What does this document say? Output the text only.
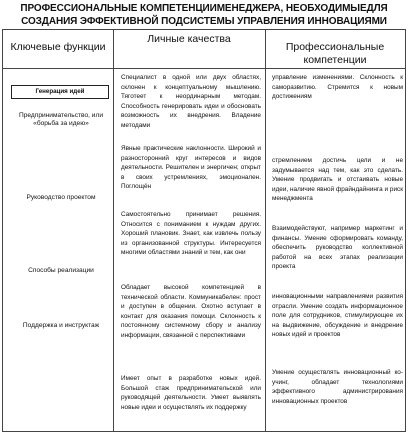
ПРОФЕССИОНАЛЬНЫЕ КОМПЕТЕНЦИИМЕНЕДЖЕРА, НЕОБХОДИМЫЕДЛЯ
СОЗДАНИЯ ЭФФЕКТИВНОЙ ПОДСИСТЕМЫ УПРАВЛЕНИЯ ИННОВАЦИЯМИ
Ключевые функции
Личные качества
Профессиональные
компетенции
Генерация идей
Предпринимательство, или «борьба за идею»
Руководство проектом
Способы реализации
Поддержка и инструктаж
Специалист в одной или двух областях, склонен к концептуальному мышлению. Тяготеет к неординарным методам. Способность генерировать идеи и обосновать возможность их внедрения. Владение методами
Явные практические наклонности. Широкий и разносторонний круг интересов и видов деятельности. Решителен и энергичен; открыт в своих устремлениях, эмоционален. Поглощён
Самостоятельно принимает решения. Относится с пониманием к нуждам других. Хороший плановик. Знает, как извлечь пользу из организованной структуры. Интересуется многими областями знаний и тем, как они
Обладает высокой компетенцией в технической области. Коммуникабелен: прост и доступен в общении. Охотно вступает в контакт для оказания помощи. Склонность к постоянному системному сбору и анализу информации, связанной с перспективами
Имеет опыт в разработке новых идей. Большой стаж предпринимательской или руководящей деятельности. Умеет выявлять новые идеи и осуществлять их поддержку
управление изменениями. Склонность к саморазвитию. Стремится к новым достижениям
стремлением достичь цели и не задумывается над тем, как это сделать. Умение продвигать и отстаивать новые идеи, наличие явной фрайндайнинга и риск менеджмента
Взаимодействуют, например маркетинг и финансы. Умение сформировать команду, обеспечить руководство коллективной работой на всех этапах реализации проекта
инновационными направлениями развития отрасли. Умение создать информационное поле для сотрудников, стимулирующее их на выдвижение, обсуждение и внедрение новых идей и проектов
Умение осуществлять инновационный ко-учинг, обладает технологиями эффективного администрирования инновационных проектов
